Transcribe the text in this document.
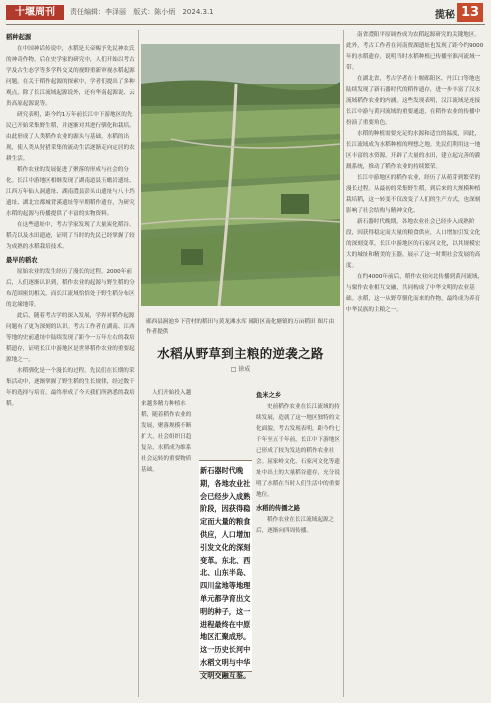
十堰周刊	责任编辑：李泽丽 版式：陈小炳 2024.3.1	揽秘 13

稻种起源

在中国神话传说中，水稻是天帝赐予先民神农氏的神奇作物。后在史学家的研究中，人们开始以考古学及古生态学等多学科交叉的视野重新审视水稻起源问题。在关于稻作起源的探索中，学者们提出了多种观点，除了长江流域起源说外，还有华南起源说、云贵高原起源说等。

研究表明，距今约1万年前长江中下游地区的先民已开始采集野生稻，并逐渐对其进行驯化和栽培。由此形成了人类稻作农业的源头与基础。水稻的出现，使人类从狩猎采集的流动生活逐渐走向定居的农耕生活。

稻作农业的发展促进了聚落的形成与社会的分化。长江中游地区相继发现了湖南道县玉蟾岩遗址、江西万年仙人洞遗址、湖南澧县彭头山遗址与八十垱遗址、湖北宜都城背溪遗址等早期稻作遗存，为研究水稻的起源与传播提供了丰富的实物资料。

在这些遗址中，考古学家发现了大量炭化稻谷、稻壳以及水田遗迹，证明了当时的先民已经掌握了较为成熟的水稻栽培技术。

最早的稻农

原始农业的发生经历了漫长的过程。2000年前后，人们逐渐认识到，稻作农业的起源与野生稻的分布范围密切相关，而长江流域恰恰处于野生稻分布区的北缘地带。

此后，随着考古学的深入发展，学界对稻作起源问题有了更为深刻的认识。考古工作者在湖南、江西等地的史前遗址中陆续发现了距今一万年左右的栽培稻遗存，证明长江中游地区是世界稻作农业的重要起源地之一。

水稻驯化是一个漫长的过程，先民们在长期的采集活动中，逐渐掌握了野生稻的生长规律，经过数千年的选择与培育，最终形成了今天我们所熟悉的栽培稻。

郧西县涧池乡下营村的稻田与黄龙滩水库 郧阳区南化塘镇的万亩稻田 图片由作者提供
水稻从野草到主粮的逆袭之路
□ 徐成

人们开始投入越来越多精力种植水稻，随着稻作农业的发展，聚落规模不断扩大，社会组织日趋复杂，水稻成为维系社会运转的重要物质基础。	新石器时代晚期，各地农业社会已经步入成熟阶段，因获得稳定而大量的粮食供应，人口增加引发文化的深刻变革。东北、西北、山东半岛、四川盆地等地理单元都孕育出文明的种子，这一进程最终在中原地区汇聚成形。这一历史长河中水稻文明与中华文明交融互鉴。

鱼米之乡

史前稻作农业在长江流域的持续发展，造就了这一地区独特的文化面貌。考古发现表明，距今约七千年至五千年前，长江中下游地区已形成了较为发达的稻作农业社会。屈家岭文化、石家河文化等遗址中出土的大量稻谷遗存，充分说明了水稻在当时人们生活中的重要地位。

水稻的传播之路

稻作农业在长江流域起源之后，逐渐向四周传播。

南省澧阳平原调查成为农稻起源研究的关键地区。此外，考古工作者在河南贾湖遗址也发现了距今约9000年的水稻遗存，说明当时水稻种植已传播至淮河流域一带。

在湖北省，考古学者在十堰郧阳区、丹江口等地也陆续发现了新石器时代的稻作遗存，进一步丰富了汉水流域稻作农业的内涵。这些发现表明，汉江流域是连接长江中游与黄河流域的重要通道，在稻作农业的传播中扮演了重要角色。

水稻的种植需要充足的水源和适宜的温度，因此，长江流域成为水稻种植的理想之地。先民们利用这一地区丰富的水资源，开辟了大量的水田，建立起完善的灌溉系统，推动了稻作农业的持续繁荣。

长江中游地区的稻作农业，经历了从萌芽到繁荣的漫长过程。从最初的采集野生稻，到后来的大规模种植栽培稻，这一转变不仅改变了人们的生产方式，也深刻影响了社会结构与精神文化。

新石器时代晚期，各地农业社会已经步入成熟阶段，因获得稳定而大量的粮食供应，人口增加引发文化的深刻变革。长江中游地区的石家河文化，以其规模宏大的城址和精美的玉器，展示了这一时期社会发展的高度。

在约4000年前后，稻作农业向北传播到黄河流域，与粟作农业相互交融，共同构成了中华文明的农业基础。水稻，这一从野草驯化而来的作物，最终成为养育中华民族的主粮之一。
